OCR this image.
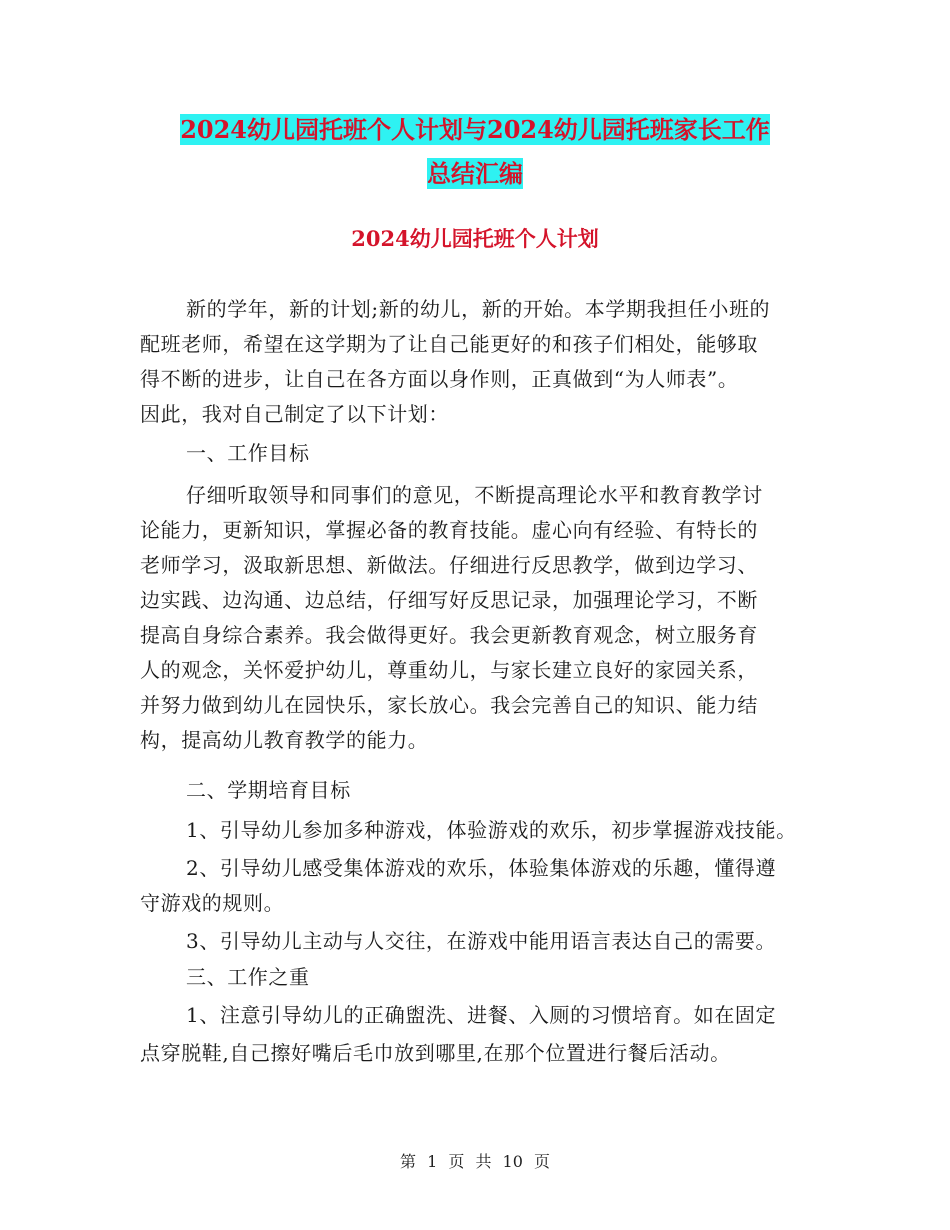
2024幼儿园托班个人计划与2024幼儿园托班家长工作
总结汇编
2024幼儿园托班个人计划
新的学年，新的计划;新的幼儿，新的开始。本学期我担任小班的
配班老师，希望在这学期为了让自己能更好的和孩子们相处，能够取
得不断的进步，让自己在各方面以身作则，正真做到“为人师表”。
因此，我对自己制定了以下计划：
一、工作目标
仔细听取领导和同事们的意见，不断提高理论水平和教育教学讨
论能力，更新知识，掌握必备的教育技能。虚心向有经验、有特长的
老师学习，汲取新思想、新做法。仔细进行反思教学，做到边学习、
边实践、边沟通、边总结，仔细写好反思记录，加强理论学习，不断
提高自身综合素养。我会做得更好。我会更新教育观念，树立服务育
人的观念，关怀爱护幼儿，尊重幼儿，与家长建立良好的家园关系，
并努力做到幼儿在园快乐，家长放心。我会完善自己的知识、能力结
构，提高幼儿教育教学的能力。
二、学期培育目标
1、引导幼儿参加多种游戏，体验游戏的欢乐，初步掌握游戏技能。
2、引导幼儿感受集体游戏的欢乐，体验集体游戏的乐趣，懂得遵
守游戏的规则。
3、引导幼儿主动与人交往，在游戏中能用语言表达自己的需要。
三、工作之重
1、注意引导幼儿的正确盥洗、进餐、入厕的习惯培育。如在固定
点穿脱鞋,自己擦好嘴后毛巾放到哪里,在那个位置进行餐后活动。
第 1 页 共 10 页
